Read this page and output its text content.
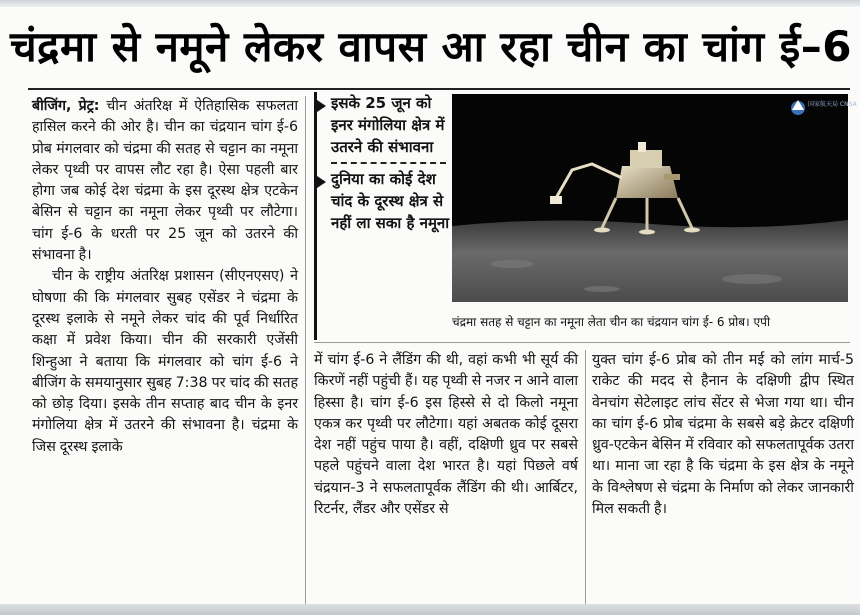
चंद्रमा से नमूने लेकर वापस आ रहा चीन का चांग ई–6

बीजिंग, प्रेट्र: चीन अंतरिक्ष में ऐतिहासिक सफलता हासिल करने की ओर है। चीन का चंद्रयान चांग ई-6 प्रोब मंगलवार को चंद्रमा की सतह से चट्टान का नमूना लेकर पृथ्वी पर वापस लौट रहा है। ऐसा पहली बार होगा जब कोई देश चंद्रमा के इस दूरस्थ क्षेत्र एटकेन बेसिन से चट्टान का नमूना लेकर पृथ्वी पर लौटेगा। चांग ई-6 के धरती पर 25 जून को उतरने की संभावना है।

चीन के राष्ट्रीय अंतरिक्ष प्रशासन (सीएनएसए) ने घोषणा की कि मंगलवार सुबह एसेंडर ने चंद्रमा के दूरस्थ इलाके से नमूने लेकर चांद की पूर्व निर्धारित कक्षा में प्रवेश किया। चीन की सरकारी एजेंसी शिन्हुआ ने बताया कि मंगलवार को चांग ई-6 ने बीजिंग के समयानुसार सुबह 7:38 पर चांद की सतह को छोड़ दिया। इसके तीन सप्ताह बाद चीन के इनर मंगोलिया क्षेत्र में उतरने की संभावना है। चंद्रमा के जिस दूरस्थ इलाके

इसके 25 जून को इनर मंगोलिया क्षेत्र में उतरने की संभावना
दुनिया का कोई देश चांद के दूरस्थ क्षेत्र से नहीं ला सका है नमूना
国家航天局 CNSA
चंद्रमा सतह से चट्टान का नमूना लेता चीन का चंद्रयान चांग ई- 6 प्रोब। एपी
में चांग ई-6 ने लैंडिंग की थी, वहां कभी भी सूर्य की किरणें नहीं पहुंची हैं। यह पृथ्वी से नजर न आने वाला हिस्सा है। चांग ई-6 इस हिस्से से दो किलो नमूना एकत्र कर पृथ्वी पर लौटेगा। यहां अबतक कोई दूसरा देश नहीं पहुंच पाया है। वहीं, दक्षिणी ध्रुव पर सबसे पहले पहुंचने वाला देश भारत है। यहां पिछले वर्ष चंद्रयान-3 ने सफलतापूर्वक लैंडिंग की थी। आर्बिटर, रिटर्नर, लैंडर और एसेंडर से
युक्त चांग ई-6 प्रोब को तीन मई को लांग मार्च-5 राकेट की मदद से हैनान के दक्षिणी द्वीप स्थित वेनचांग सेटेलाइट लांच सेंटर से भेजा गया था। चीन का चांग ई-6 प्रोब चंद्रमा के सबसे बड़े क्रेटर दक्षिणी ध्रुव-एटकेन बेसिन में रविवार को सफलतापूर्वक उतरा था। माना जा रहा है कि चंद्रमा के इस क्षेत्र के नमूने के विश्लेषण से चंद्रमा के निर्माण को लेकर जानकारी मिल सकती है।
